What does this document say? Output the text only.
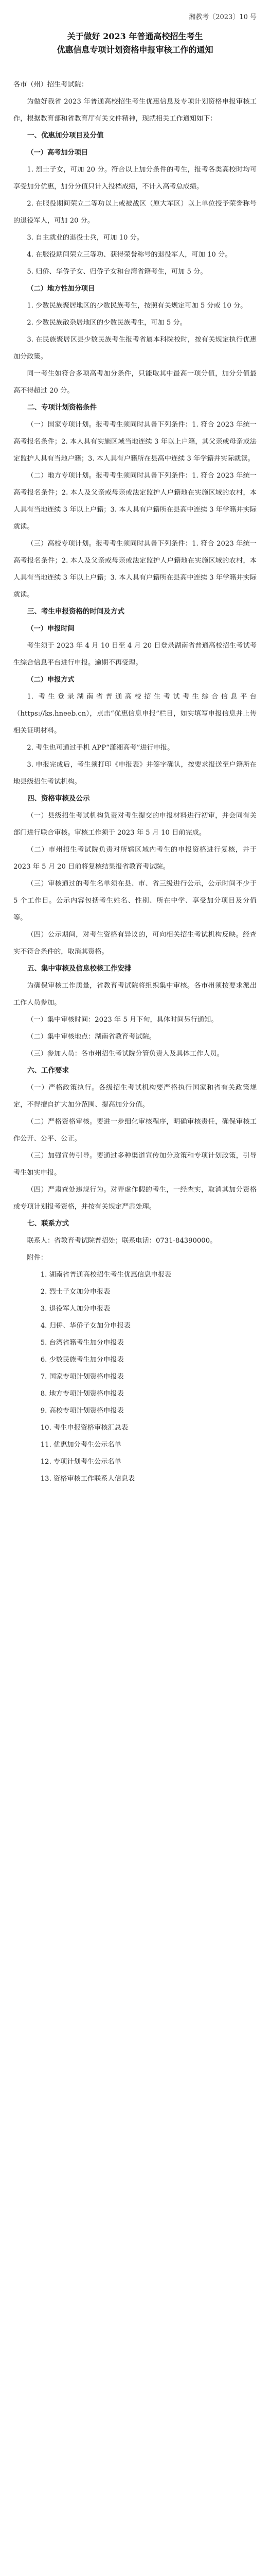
湘教考〔2023〕10 号
关于做好 2023 年普通高校招生考生
优惠信息专项计划资格申报审核工作的通知

各市（州）招生考试院：

为做好我省 2023 年普通高校招生考生优惠信息及专项计划资格申报审核工作，根据教育部和省教育厅有关文件精神，现就相关工作通知如下：

一、优惠加分项目及分值
（一）高考加分项目

1. 烈士子女，可加 20 分。符合以上加分条件的考生，报考各类高校时均可享受加分优惠，加分分值只计入投档成绩，不计入高考总成绩。

2. 在服役期间荣立二等功以上或被战区（原大军区）以上单位授予荣誉称号的退役军人，可加 20 分。

3. 自主就业的退役士兵，可加 10 分。

4. 在服役期间荣立三等功、获得荣誉称号的退役军人，可加 10 分。

5. 归侨、华侨子女、归侨子女和台湾省籍考生，可加 5 分。

（二）地方性加分项目

1. 少数民族聚居地区的少数民族考生，按照有关规定可加 5 分或 10 分。

2. 少数民族散杂居地区的少数民族考生，可加 5 分。

3. 在民族聚居区县少数民族考生报考省属本科院校时，按有关规定执行优惠加分政策。

同一考生如符合多项高考加分条件，只能取其中最高一项分值，加分分值最高不得超过 20 分。

二、专项计划资格条件

（一）国家专项计划。报考考生须同时具备下列条件：1. 符合 2023 年统一高考报名条件；2. 本人具有实施区域当地连续 3 年以上户籍，其父亲或母亲或法定监护人具有当地户籍；3. 本人具有户籍所在县高中连续 3 年学籍并实际就读。

（二）地方专项计划。报考考生须同时具备下列条件：1. 符合 2023 年统一高考报名条件；2. 本人及父亲或母亲或法定监护人户籍地在实施区域的农村，本人具有当地连续 3 年以上户籍；3. 本人具有户籍所在县高中连续 3 年学籍并实际就读。

（三）高校专项计划。报考考生须同时具备下列条件：1. 符合 2023 年统一高考报名条件；2. 本人及父亲或母亲或法定监护人户籍地在实施区域的农村，本人具有当地连续 3 年以上户籍；3. 本人具有户籍所在县高中连续 3 年学籍并实际就读。

三、考生申报资格的时间及方式
（一）申报时间

考生须于 2023 年 4 月 10 日至 4 月 20 日登录湖南省普通高校招生考试考生综合信息平台进行申报。逾期不再受理。

（二）申报方式

1. 考生登录湖南省普通高校招生考试考生综合信息平台（https://ks.hneeb.cn），点击“优惠信息申报”栏目，如实填写申报信息并上传相关证明材料。

2. 考生也可通过手机 APP“潇湘高考”进行申报。

3. 申报完成后，考生须打印《申报表》并签字确认，按要求报送至户籍所在地县级招生考试机构。

四、资格审核及公示

（一）县级招生考试机构负责对考生提交的申报材料进行初审，并会同有关部门进行联合审核。审核工作须于 2023 年 5 月 10 日前完成。

（二）市州招生考试院负责对所辖区域内考生的申报资格进行复核，并于 2023 年 5 月 20 日前将复核结果报省教育考试院。

（三）审核通过的考生名单须在县、市、省三级进行公示，公示时间不少于 5 个工作日。公示内容包括考生姓名、性别、所在中学、享受加分项目及分值等。

（四）公示期间，对考生资格有异议的，可向相关招生考试机构反映。经查实不符合条件的，取消其资格。

五、集中审核及信息校核工作安排

为确保审核工作质量，省教育考试院将组织集中审核。各市州须按要求派出工作人员参加。

（一）集中审核时间：2023 年 5 月下旬，具体时间另行通知。

（二）集中审核地点：湖南省教育考试院。

（三）参加人员：各市州招生考试院分管负责人及具体工作人员。

六、工作要求

（一）严格政策执行。各级招生考试机构要严格执行国家和省有关政策规定，不得擅自扩大加分范围、提高加分分值。

（二）严格资格审核。要进一步细化审核程序，明确审核责任，确保审核工作公开、公平、公正。

（三）加强宣传引导。要通过多种渠道宣传加分政策和专项计划政策，引导考生如实申报。

（四）严肃查处违规行为。对弄虚作假的考生，一经查实，取消其加分资格或专项计划报考资格，并按有关规定严肃处理。

七、联系方式

联系人：省教育考试院普招处；联系电话：0731-84390000。

附件：

1. 湖南省普通高校招生考生优惠信息申报表

2. 烈士子女加分申报表

3. 退役军人加分申报表

4. 归侨、华侨子女加分申报表

5. 台湾省籍考生加分申报表

6. 少数民族考生加分申报表

7. 国家专项计划资格申报表

8. 地方专项计划资格申报表

9. 高校专项计划资格申报表

10. 考生申报资格审核汇总表

11. 优惠加分考生公示名单

12. 专项计划考生公示名单

13. 资格审核工作联系人信息表
